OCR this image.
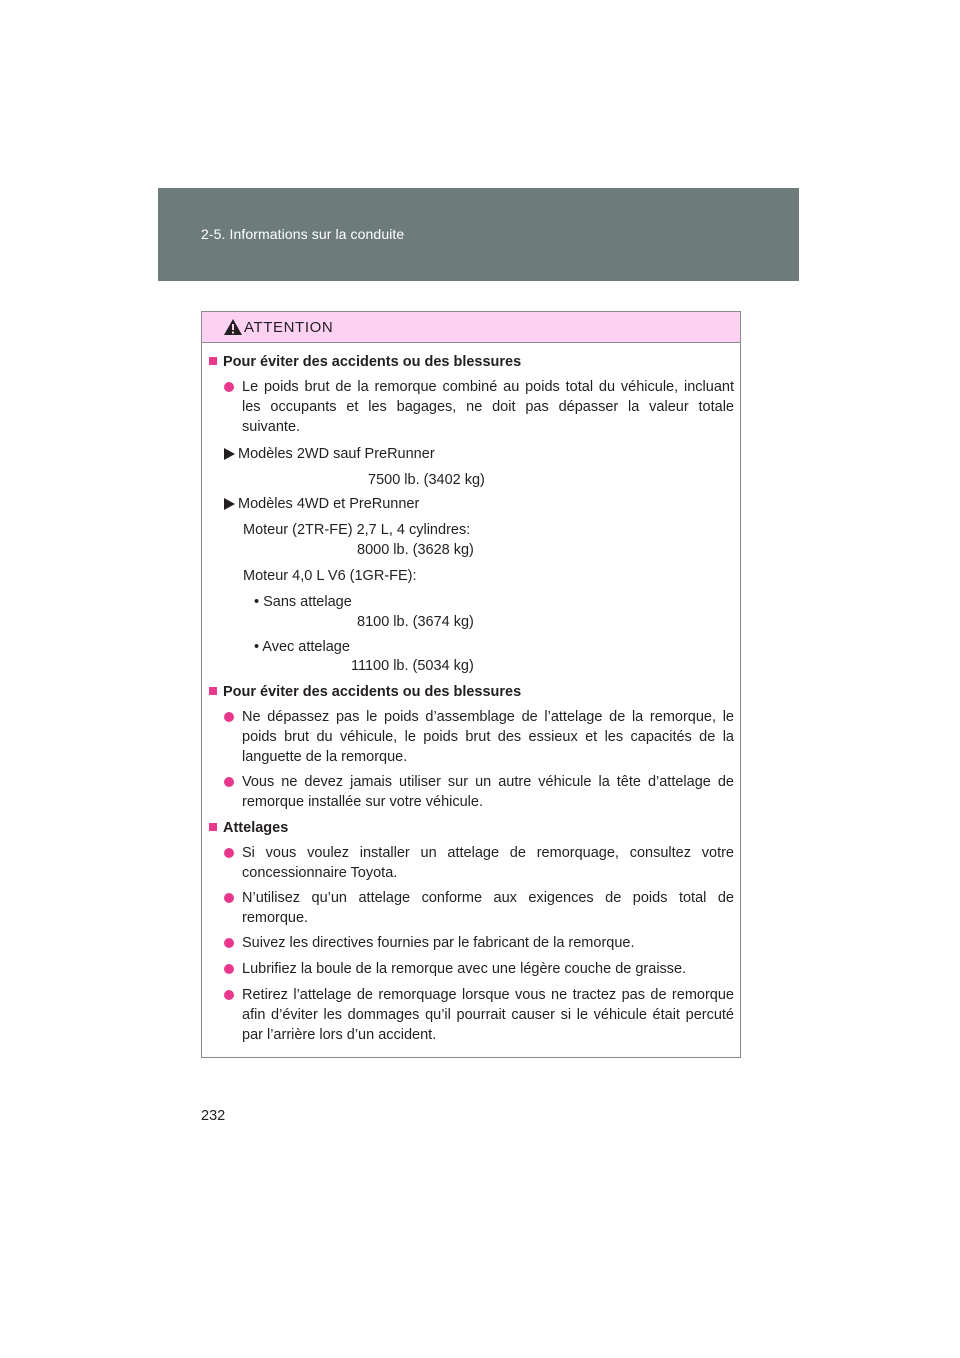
2-5. Informations sur la conduite
ATTENTION
Pour éviter des accidents ou des blessures
Le poids brut de la remorque combiné au poids total du véhicule, incluant
les occupants et les bagages, ne doit pas dépasser la valeur totale
suivante.
Modèles 2WD sauf PreRunner
7500 lb. (3402 kg)
Modèles 4WD et PreRunner
Moteur (2TR-FE) 2,7 L, 4 cylindres:
8000 lb. (3628 kg)
Moteur 4,0 L V6 (1GR-FE):
• Sans attelage
8100 lb. (3674 kg)
• Avec attelage
11100 lb. (5034 kg)
Pour éviter des accidents ou des blessures
Ne dépassez pas le poids d’assemblage de l’attelage de la remorque, le
poids brut du véhicule, le poids brut des essieux et les capacités de la
languette de la remorque.
Vous ne devez jamais utiliser sur un autre véhicule la tête d’attelage de
remorque installée sur votre véhicule.
Attelages
Si vous voulez installer un attelage de remorquage, consultez votre
concessionnaire Toyota.
N’utilisez qu’un attelage conforme aux exigences de poids total de
remorque.
Suivez les directives fournies par le fabricant de la remorque.
Lubrifiez la boule de la remorque avec une légère couche de graisse.
Retirez l’attelage de remorquage lorsque vous ne tractez pas de remorque
afin d’éviter les dommages qu’il pourrait causer si le véhicule était percuté
par l’arrière lors d’un accident.
232
